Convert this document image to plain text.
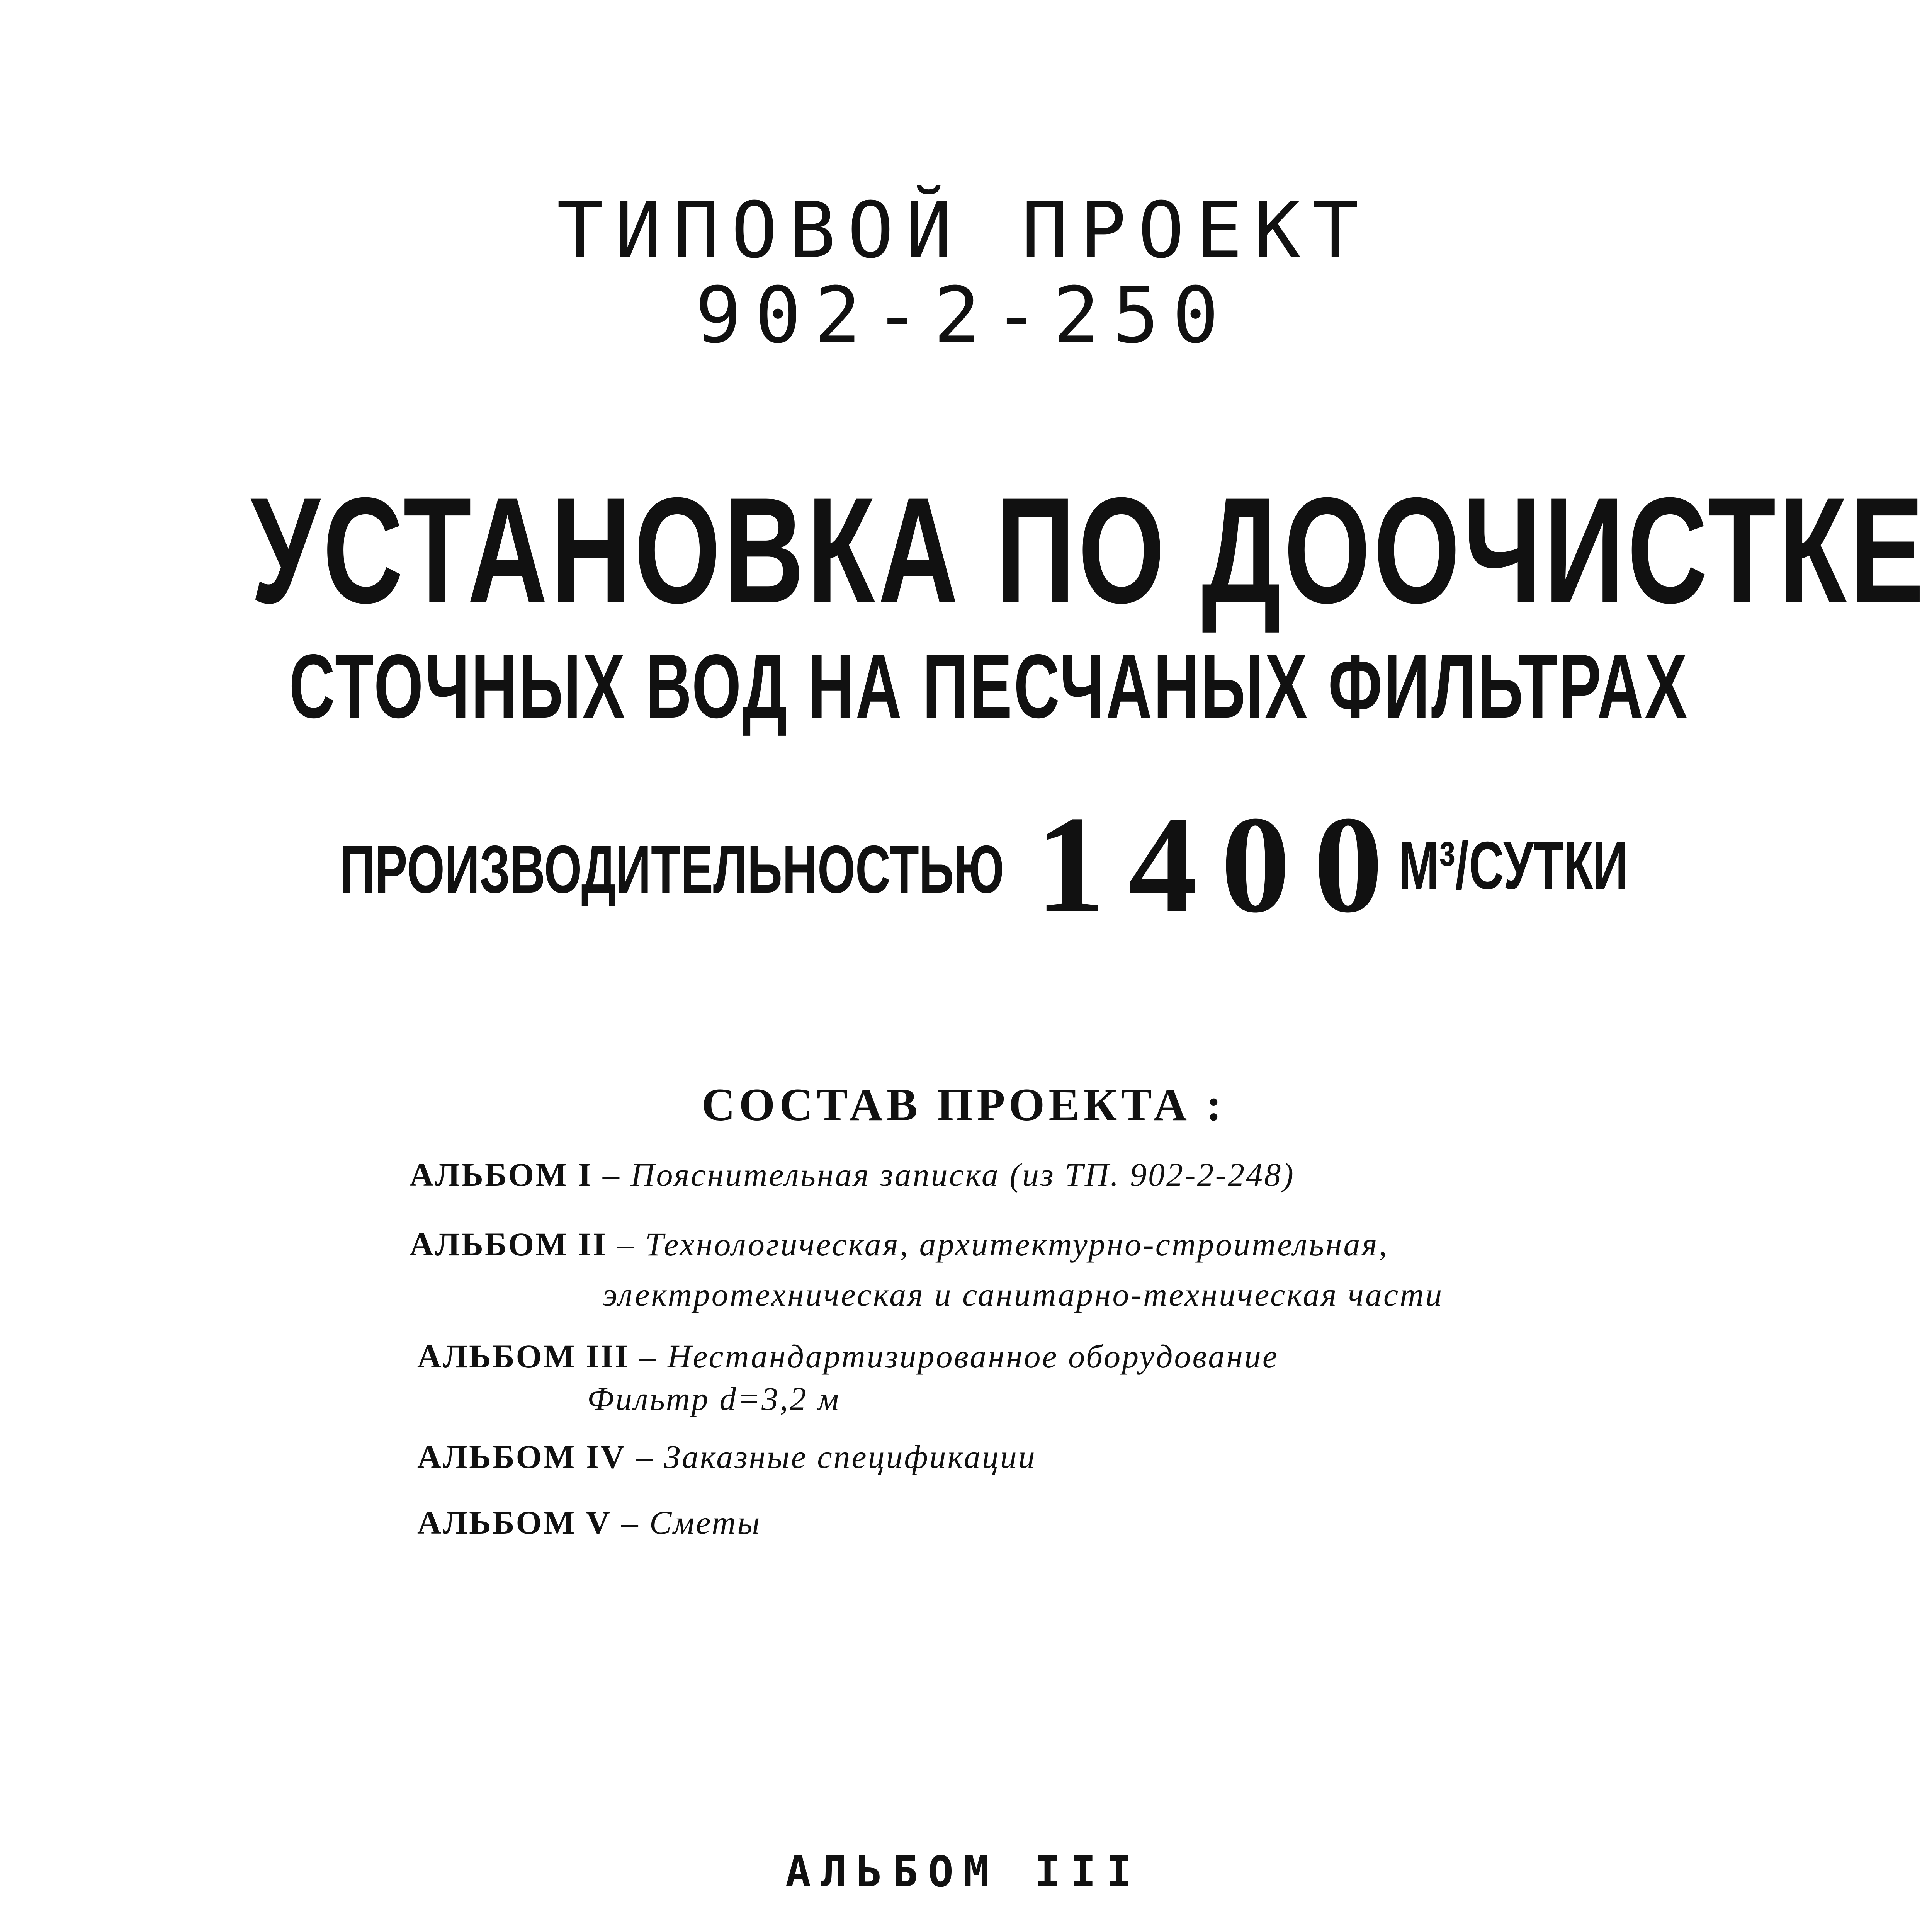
ТИПОВОЙ ПРОЕКТ
902-2-250
УСТАНОВКА ПО ДООЧИСТКЕ
СТОЧНЫХ ВОД НА ПЕСЧАНЫХ ФИЛЬТРАХ
ПРОИЗВОДИТЕЛЬНОСТЬЮ 1400
М³/СУТКИ
СОСТАВ ПРОЕКТА :
АЛЬБОМ I – Пояснительная записка (из ТП. 902-2-248)
АЛЬБОМ II – Технологическая, архитектурно-строительная,
электротехническая и санитарно-техническая части
АЛЬБОМ III – Нестандартизированное оборудование
Фильтр d=3,2 м
АЛЬБОМ IV – Заказные спецификации
АЛЬБОМ V – Сметы
АЛЬБОМ III
